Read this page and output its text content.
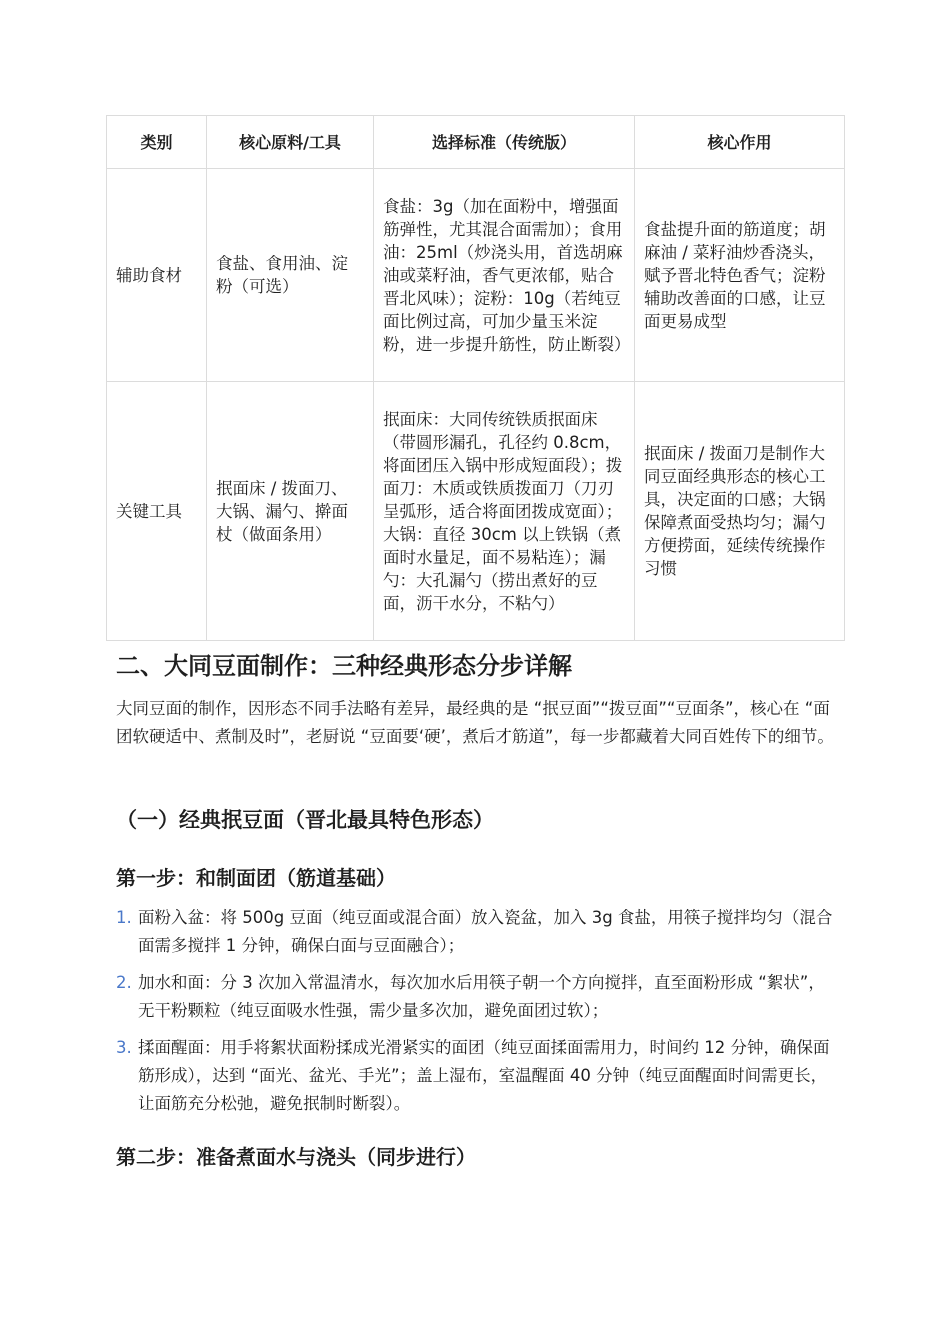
类别	核心原料/工具	选择标准（传统版）	核心作用
辅助食材	食盐、食用油、淀粉（可选）	食盐：3g（加在面粉中，增强面筋弹性，尤其混合面需加）；食用油：25ml（炒浇头用，首选胡麻油或菜籽油，香气更浓郁，贴合晋北风味）；淀粉：10g（若纯豆面比例过高，可加少量玉米淀粉，进一步提升筋性，防止断裂）	食盐提升面的筋道度；胡麻油 / 菜籽油炒香浇头，赋予晋北特色香气；淀粉辅助改善面的口感，让豆面更易成型
关键工具	抿面床 / 拨面刀、大锅、漏勺、擀面杖（做面条用）	抿面床：大同传统铁质抿面床（带圆形漏孔，孔径约 0.8cm，将面团压入锅中形成短面段）；拨面刀：木质或铁质拨面刀（刀刃呈弧形，适合将面团拨成宽面）；大锅：直径 30cm 以上铁锅（煮面时水量足，面不易粘连）；漏勺：大孔漏勺（捞出煮好的豆面，沥干水分，不粘勺）	抿面床 / 拨面刀是制作大同豆面经典形态的核心工具，决定面的口感；大锅保障煮面受热均匀；漏勺方便捞面，延续传统操作习惯
二、大同豆面制作：三种经典形态分步详解

大同豆面的制作，因形态不同手法略有差异，最经典的是 “抿豆面”“拨豆面”“豆面条”，核心在 “面团软硬适中、煮制及时”，老厨说 “豆面要‘硬’，煮后才筋道”，每一步都藏着大同百姓传下的细节。

（一）经典抿豆面（晋北最具特色形态）
第一步：和制面团（筋道基础）
1. 面粉入盆：将 500g 豆面（纯豆面或混合面）放入瓷盆，加入 3g 食盐，用筷子搅拌均匀（混合面需多搅拌 1 分钟，确保白面与豆面融合）；
2. 加水和面：分 3 次加入常温清水，每次加水后用筷子朝一个方向搅拌，直至面粉形成 “絮状”，无干粉颗粒（纯豆面吸水性强，需少量多次加，避免面团过软）；
3. 揉面醒面：用手将絮状面粉揉成光滑紧实的面团（纯豆面揉面需用力，时间约 12 分钟，确保面筋形成），达到 “面光、盆光、手光”；盖上湿布，室温醒面 40 分钟（纯豆面醒面时间需更长，让面筋充分松弛，避免抿制时断裂）。
第二步：准备煮面水与浇头（同步进行）
